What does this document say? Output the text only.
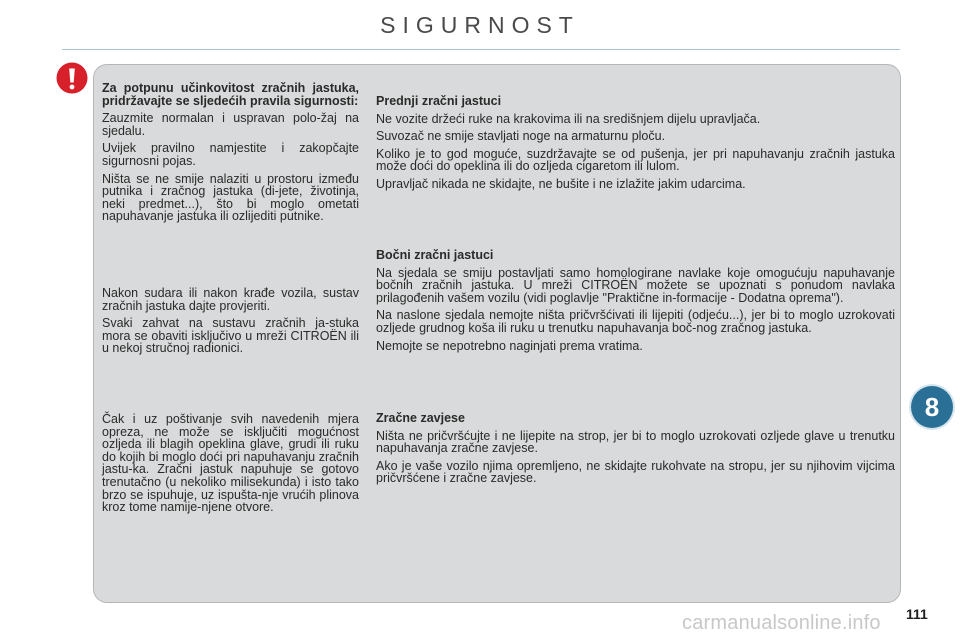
SIGURNOST
Za potpunu učinkovitost zračnih jastuka, pridržavajte se sljedećih pravila sigurnosti:
Zauzmite normalan i uspravan polo-žaj na sjedalu.
Uvijek pravilno namjestite i zakopčajte sigurnosni pojas.
Ništa se ne smije nalaziti u prostoru između putnika i zračnog jastuka (di-jete, životinja, neki predmet...), što bi moglo ometati napuhavanje jastuka ili ozlijediti putnike.
Nakon sudara ili nakon krađe vozila, sustav zračnih jastuka dajte provjeriti.
Svaki zahvat na sustavu zračnih ja-stuka mora se obaviti isključivo u mreži CITROËN ili u nekoj stručnoj radionici.
Čak i uz poštivanje svih navedenih mjera opreza, ne može se isključiti mogućnost ozljeda ili blagih opeklina glave, grudi ili ruku do kojih bi moglo doći pri napuhavanju zračnih jastu-ka. Zračni jastuk napuhuje se gotovo trenutačno (u nekoliko milisekunda) i isto tako brzo se ispuhuje, uz ispušta-nje vrućih plinova kroz tome namije-njene otvore.
Prednji zračni jastuci
Ne vozite držeći ruke na krakovima ili na središnjem dijelu upravljača.
Suvozač ne smije stavljati noge na armaturnu ploču.
Koliko je to god moguće, suzdržavajte se od pušenja, jer pri napuhavanju zračnih jastuka može doći do opeklina ili do ozljeda cigaretom ili lulom.
Upravljač nikada ne skidajte, ne bušite i ne izlažite jakim udarcima.
Bočni zračni jastuci
Na sjedala se smiju postavljati samo homologirane navlake koje omogućuju napuhavanje bočnih zračnih jastuka. U mreži CITROËN možete se upoznati s ponudom navlaka prilagođenih vašem vozilu (vidi poglavlje "Praktične in-formacije - Dodatna oprema").
Na naslone sjedala nemojte ništa pričvršćivati ili lijepiti (odjeću...), jer bi to moglo uzrokovati ozljede grudnog koša ili ruku u trenutku napuhavanja boč-nog zračnog jastuka.
Nemojte se nepotrebno naginjati prema vratima.
Zračne zavjese
Ništa ne pričvršćujte i ne lijepite na strop, jer bi to moglo uzrokovati ozljede glave u trenutku napuhavanja zračne zavjese.
Ako je vaše vozilo njima opremljeno, ne skidajte rukohvate na stropu, jer su njihovim vijcima pričvršćene i zračne zavjese.
8
111
carmanualsonline.info
